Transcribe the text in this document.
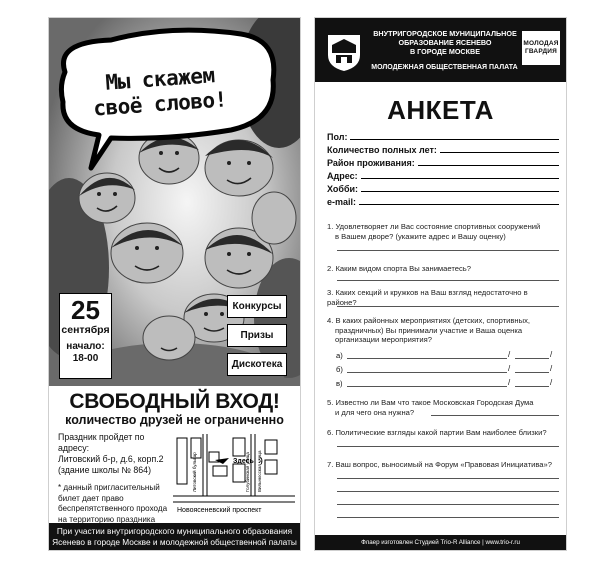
Мы скажем
своё слово!
25
сентября
начало:
18-00
Конкурсы
Призы
Дискотека
СВОБОДНЫЙ ВХОД!
количество друзей не ограниченно
Праздник пройдет по адресу:
Литовский б-р, д.6, корп.2
(здание школы № 864)
* данный пригласительный
билет дает право
беспрепятственного прохода
на территорию праздника
Здесь! :)
Новоясеневский проспект
Литовский бульвар	Вильнюсская улица
Голубинская улица
При участии внутригородского муниципального образования
Ясенево в городе Москве и молодежной общественной палаты
ВНУТРИГОРОДСКОЕ МУНИЦИПАЛЬНОЕ
ОБРАЗОВАНИЕ ЯСЕНЕВО
В ГОРОДЕ МОСКВЕ
МОЛОДЕЖНАЯ ОБЩЕСТВЕННАЯ ПАЛАТА
МОЛОДАЯ
ГВАРДИЯ
АНКЕТА
Пол:
Количество полных лет:
Район проживания:
Адрес:
Хобби:
e-mail:
1. Удовлетворяет ли Вас состояние спортивных сооружений
в Вашем дворе? (укажите адрес и Вашу оценку)
2. Каким видом спорта Вы занимаетесь?
3. Каких секций и кружков на Ваш взгляд недостаточно в районе?
4. В каких районных мероприятиях (детских, спортивных,
праздничных) Вы принимали участие и Ваша оценка
организации мероприятия?
а)	/	/
б)	/	/
в)	/	/
5. Известно ли Вам что такое Московская Городская Дума
и для чего она нужна?
6. Политические взгляды какой партии Вам наиболее близки?
7. Ваш вопрос, выносимый на Форум «Правовая Инициатива»?
Флаер изготовлен Студией Trio-R Alliance | www.trio-r.ru
